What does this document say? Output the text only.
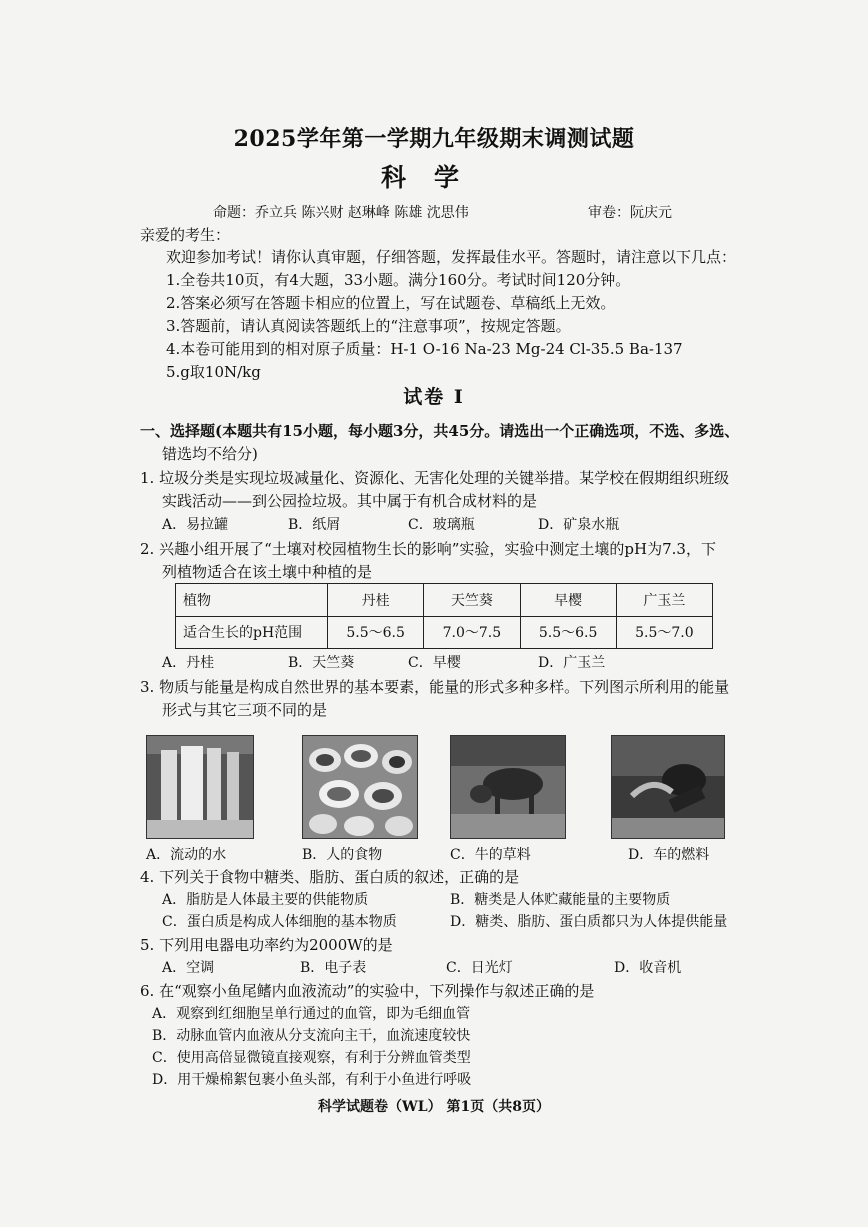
2025学年第一学期九年级期末调测试题
科学
命题：乔立兵 陈兴财 赵琳峰 陈雄 沈思伟	审卷：阮庆元
亲爱的考生：
欢迎参加考试！请你认真审题，仔细答题，发挥最佳水平。答题时，请注意以下几点：
1.全卷共10页，有4大题，33小题。满分160分。考试时间120分钟。
2.答案必须写在答题卡相应的位置上，写在试题卷、草稿纸上无效。
3.答题前，请认真阅读答题纸上的“注意事项”，按规定答题。
4.本卷可能用到的相对原子质量：H-1 O-16 Na-23 Mg-24 Cl-35.5 Ba-137
5.g取10N/kg
试卷 I
一、选择题(本题共有15小题，每小题3分，共45分。请选出一个正确选项，不选、多选、
错选均不给分)
1. 垃圾分类是实现垃圾减量化、资源化、无害化处理的关键举措。某学校在假期组织班级
实践活动——到公园捡垃圾。其中属于有机合成材料的是
A．易拉罐	B．纸屑	C．玻璃瓶	D．矿泉水瓶
2. 兴趣小组开展了“土壤对校园植物生长的影响”实验，实验中测定土壤的pH为7.3，下
列植物适合在该土壤中种植的是
植物	丹桂	天竺葵	早樱	广玉兰
适合生长的pH范围	5.5～6.5	7.0～7.5	5.5～6.5	5.5～7.0
A．丹桂	B．天竺葵	C．早樱	D．广玉兰
3. 物质与能量是构成自然世界的基本要素，能量的形式多种多样。下列图示所利用的能量
形式与其它三项不同的是
A．流动的水	B．人的食物	C．牛的草料	D．车的燃料
4. 下列关于食物中糖类、脂肪、蛋白质的叙述，正确的是
A．脂肪是人体最主要的供能物质	B．糖类是人体贮藏能量的主要物质
C．蛋白质是构成人体细胞的基本物质	D．糖类、脂肪、蛋白质都只为人体提供能量
5. 下列用电器电功率约为2000W的是
A．空调	B．电子表	C．日光灯	D．收音机
6. 在“观察小鱼尾鳍内血液流动”的实验中，下列操作与叙述正确的是
A．观察到红细胞呈单行通过的血管，即为毛细血管
B．动脉血管内血液从分支流向主干，血流速度较快
C．使用高倍显微镜直接观察，有利于分辨血管类型
D．用干燥棉絮包裹小鱼头部，有利于小鱼进行呼吸
科学试题卷（WL） 第1页（共8页）
